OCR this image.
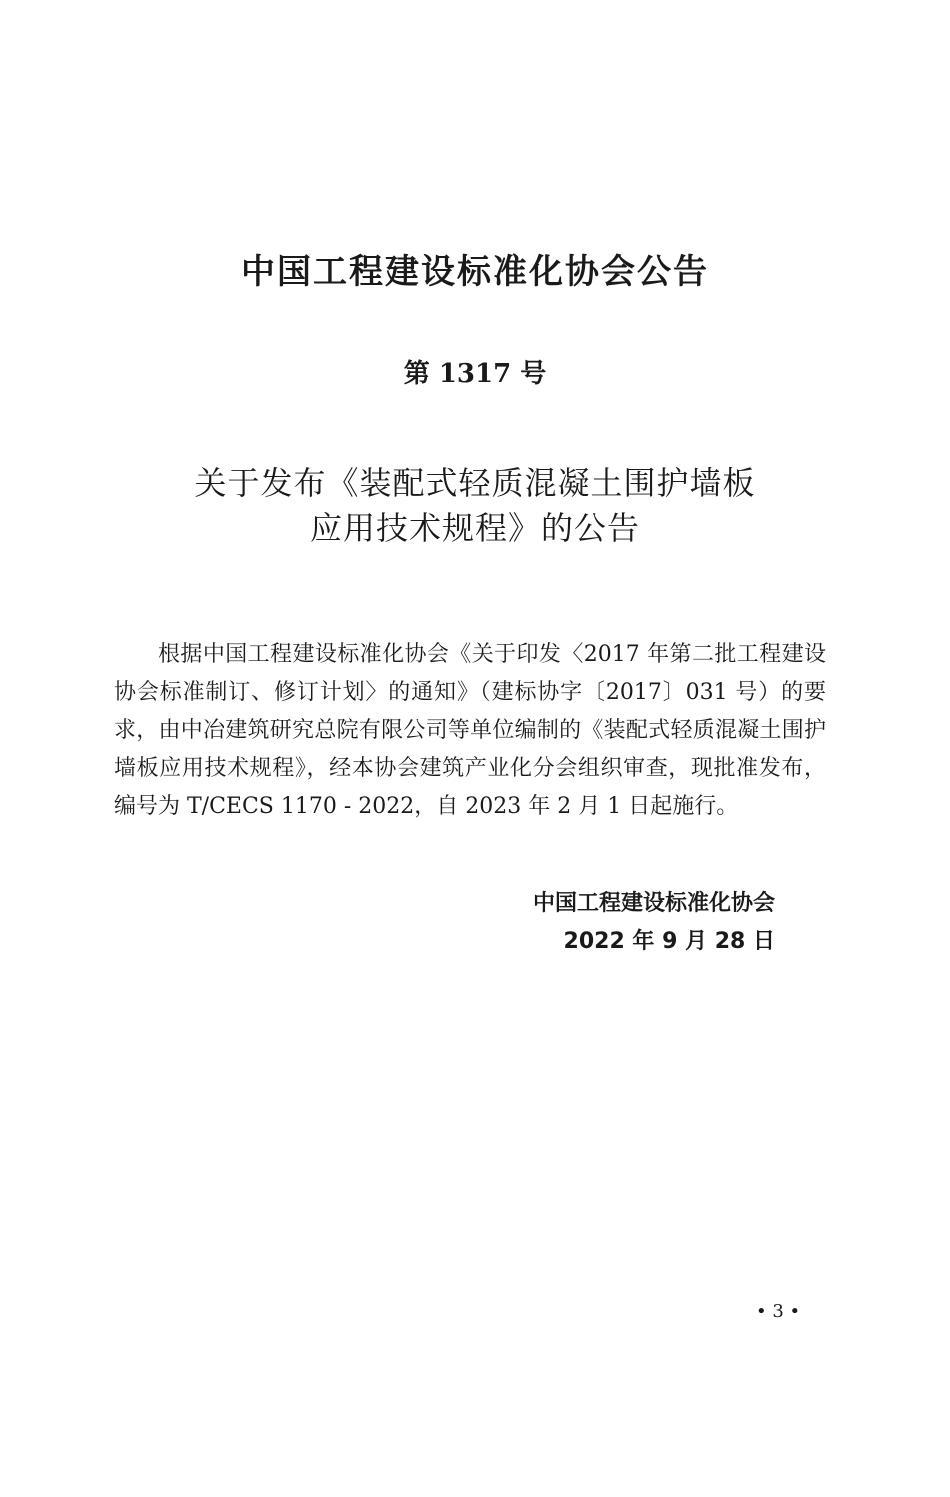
中国工程建设标准化协会公告
第 1317 号
关于发布《装配式轻质混凝土围护墙板
应用技术规程》的公告

根据中国工程建设标准化协会《关于印发〈2017 年第二批工程建设协会标准制订、修订计划〉的通知》（建标协字〔2017〕031 号）的要求，由中冶建筑研究总院有限公司等单位编制的《装配式轻质混凝土围护墙板应用技术规程》，经本协会建筑产业化分会组织审查，现批准发布，编号为 T/CECS 1170 - 2022，自 2023 年 2 月 1 日起施行。

中国工程建设标准化协会
2022 年 9 月 28 日
• 3 •
